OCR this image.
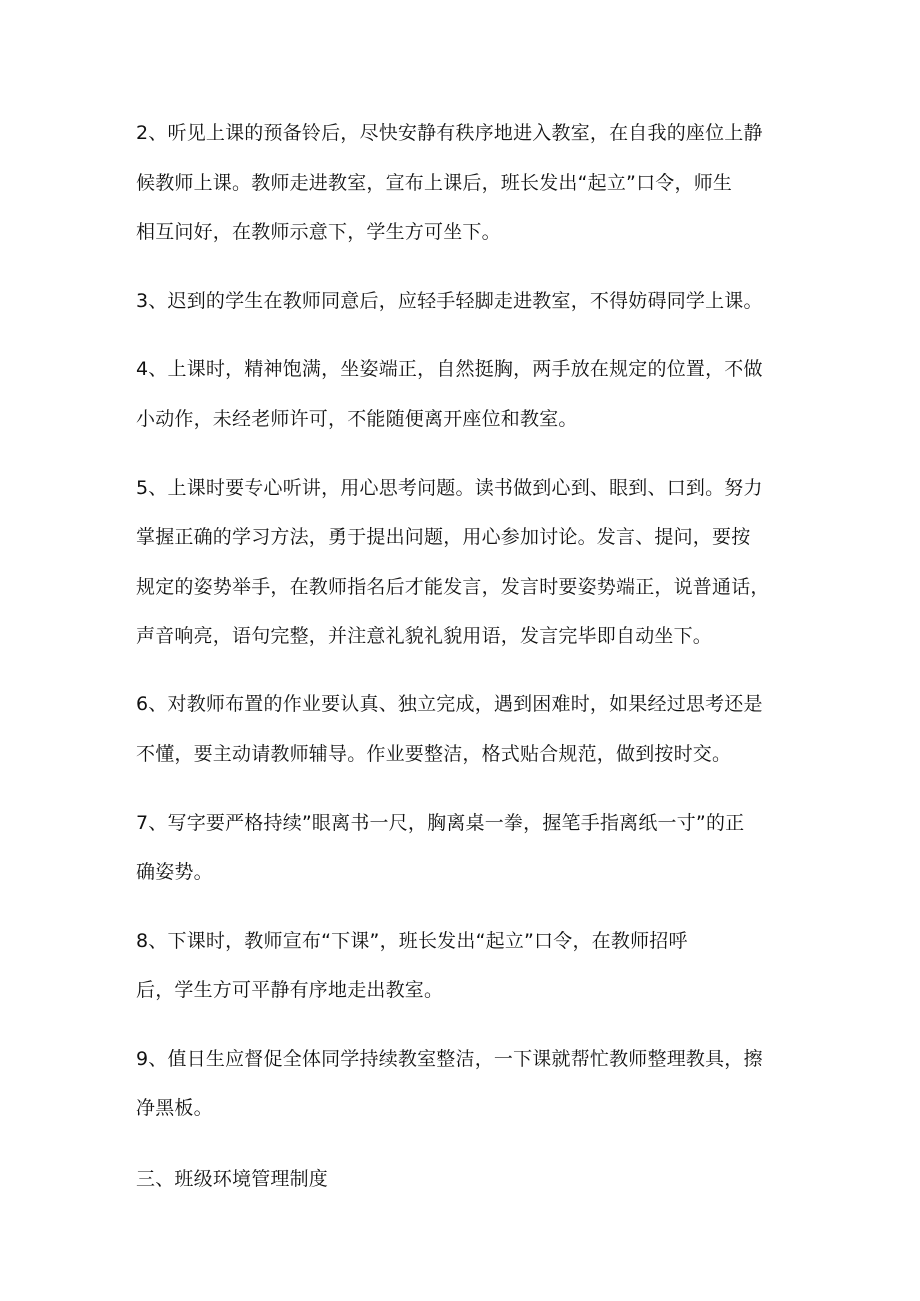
2、听见上课的预备铃后，尽快安静有秩序地进入教室，在自我的座位上静
候教师上课。教师走进教室，宣布上课后，班长发出“起立”口令，师生
相互问好，在教师示意下，学生方可坐下。
3、迟到的学生在教师同意后，应轻手轻脚走进教室，不得妨碍同学上课。
4、上课时，精神饱满，坐姿端正，自然挺胸，两手放在规定的位置，不做
小动作，未经老师许可，不能随便离开座位和教室。
5、上课时要专心听讲，用心思考问题。读书做到心到、眼到、口到。努力
掌握正确的学习方法，勇于提出问题，用心参加讨论。发言、提问，要按
规定的姿势举手，在教师指名后才能发言，发言时要姿势端正，说普通话，
声音响亮，语句完整，并注意礼貌礼貌用语，发言完毕即自动坐下。
6、对教师布置的作业要认真、独立完成，遇到困难时，如果经过思考还是
不懂，要主动请教师辅导。作业要整洁，格式贴合规范，做到按时交。
7、写字要严格持续”眼离书一尺，胸离桌一拳，握笔手指离纸一寸”的正
确姿势。
8、下课时，教师宣布“下课”，班长发出“起立”口令，在教师招呼
后，学生方可平静有序地走出教室。
9、值日生应督促全体同学持续教室整洁，一下课就帮忙教师整理教具，擦
净黑板。
三、班级环境管理制度
